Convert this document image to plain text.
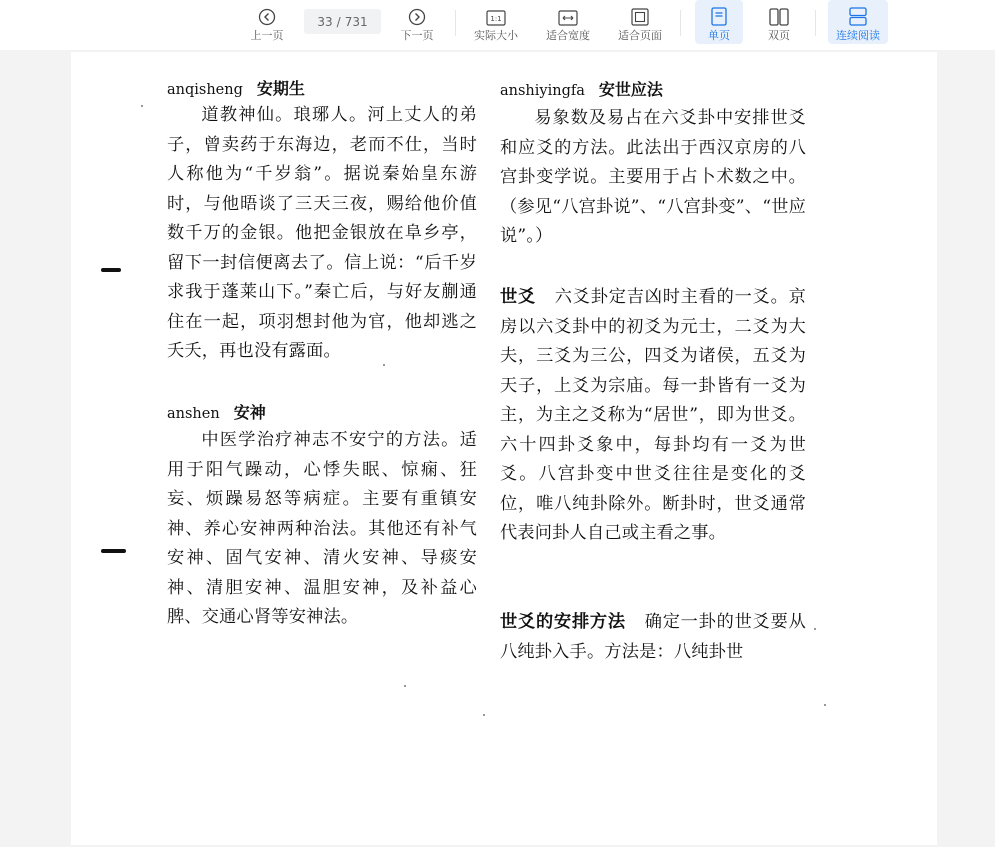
上一页
33 / 731
下一页
1:1
实际大小	适合宽度	适合页面	单页	双页	连续阅读
anqisheng 安期生

道教神仙。琅琊人。河上丈人的弟子，曾卖药于东海边，老而不仕，当时人称他为“千岁翁”。据说秦始皇东游时，与他晤谈了三天三夜，赐给他价值数千万的金银。他把金银放在阜乡亭，留下一封信便离去了。信上说：“后千岁求我于蓬莱山下。”秦亡后，与好友蒯通住在一起，项羽想封他为官，他却逃之夭夭，再也没有露面。

anshen 安神

中医学治疗神志不安宁的方法。适用于阳气躁动，心悸失眠、惊痫、狂妄、烦躁易怒等病症。主要有重镇安神、养心安神两种治法。其他还有补气安神、固气安神、清火安神、导痰安神、清胆安神、温胆安神，及补益心脾、交通心肾等安神法。

anshiyingfa 安世应法

易象数及易占在六爻卦中安排世爻和应爻的方法。此法出于西汉京房的八宫卦变学说。主要用于占卜术数之中。（参见“八宫卦说”、“八宫卦变”、“世应说”。）

世爻 六爻卦定吉凶时主看的一爻。京房以六爻卦中的初爻为元士，二爻为大夫，三爻为三公，四爻为诸侯，五爻为天子，上爻为宗庙。每一卦皆有一爻为主，为主之爻称为“居世”，即为世爻。六十四卦爻象中，每卦均有一爻为世爻。八宫卦变中世爻往往是变化的爻位，唯八纯卦除外。断卦时，世爻通常代表问卦人自己或主看之事。

世爻的安排方法 确定一卦的世爻要从八纯卦入手。方法是：八纯卦世
